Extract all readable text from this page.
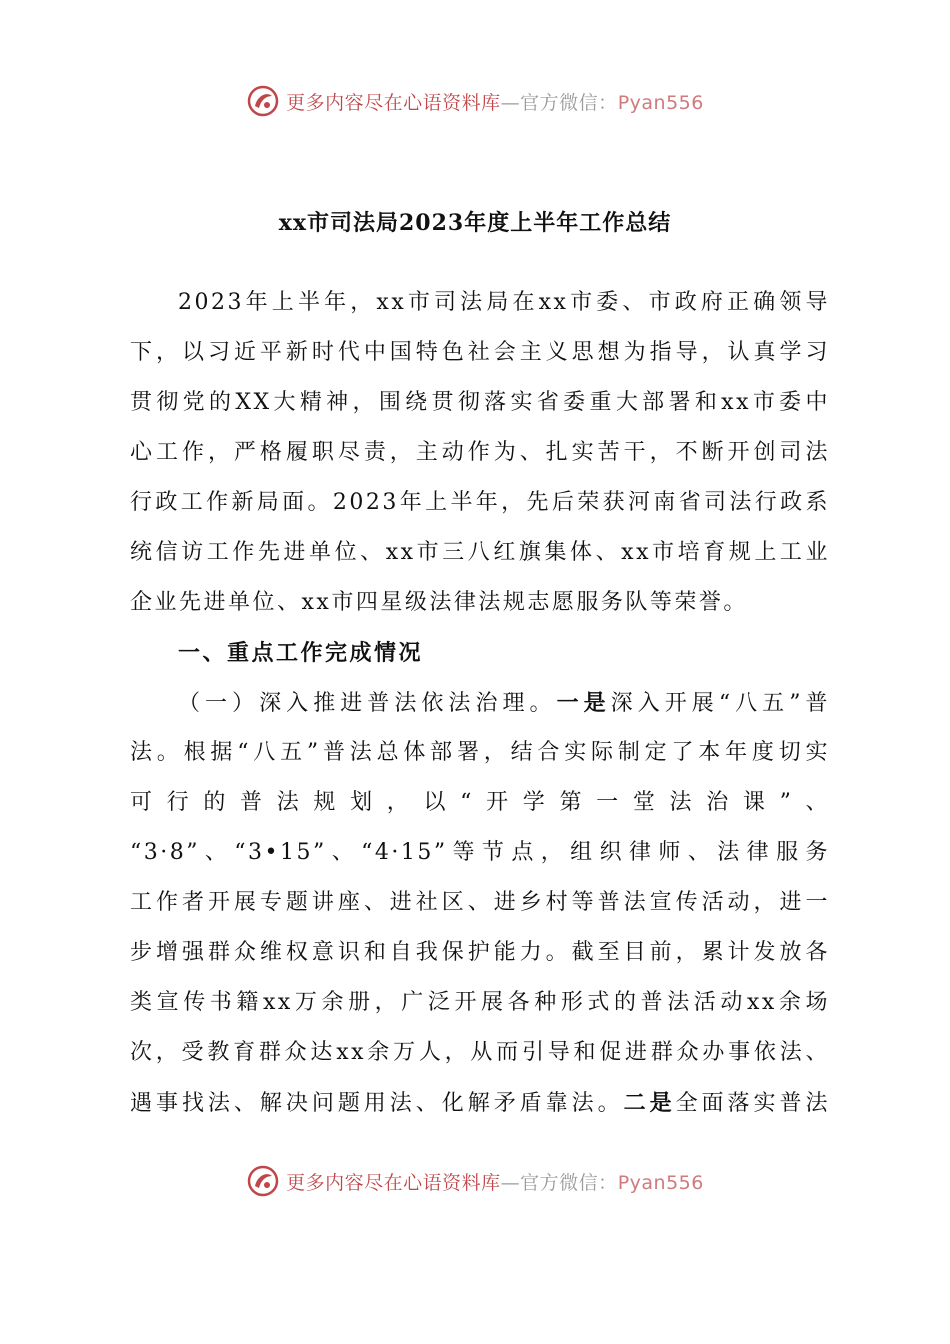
更多内容尽在心语资料库—官方微信：Pyan556
xx市司法局2023年度上半年工作总结
2023年上半年，xx市司法局在xx市委、市政府正确领导
下，以习近平新时代中国特色社会主义思想为指导，认真学习
贯彻党的XX大精神，围绕贯彻落实省委重大部署和xx市委中
心工作，严格履职尽责，主动作为、扎实苦干，不断开创司法
行政工作新局面。2023年上半年，先后荣获河南省司法行政系
统信访工作先进单位、xx市三八红旗集体、xx市培育规上工业
企业先进单位、xx市四星级法律法规志愿服务队等荣誉。
一、重点工作完成情况
（一）深入推进普法依法治理。一是深入开展“八五”普
法。根据“八五”普法总体部署，结合实际制定了本年度切实
可行的普法规划，以“开学第一堂法治课”、
“3·8”、“3•15”、“4·15”等节点，组织律师、法律服务
工作者开展专题讲座、进社区、进乡村等普法宣传活动，进一
步增强群众维权意识和自我保护能力。截至目前，累计发放各
类宣传书籍xx万余册，广泛开展各种形式的普法活动xx余场
次，受教育群众达xx余万人，从而引导和促进群众办事依法、
遇事找法、解决问题用法、化解矛盾靠法。二是全面落实普法
更多内容尽在心语资料库—官方微信：Pyan556
